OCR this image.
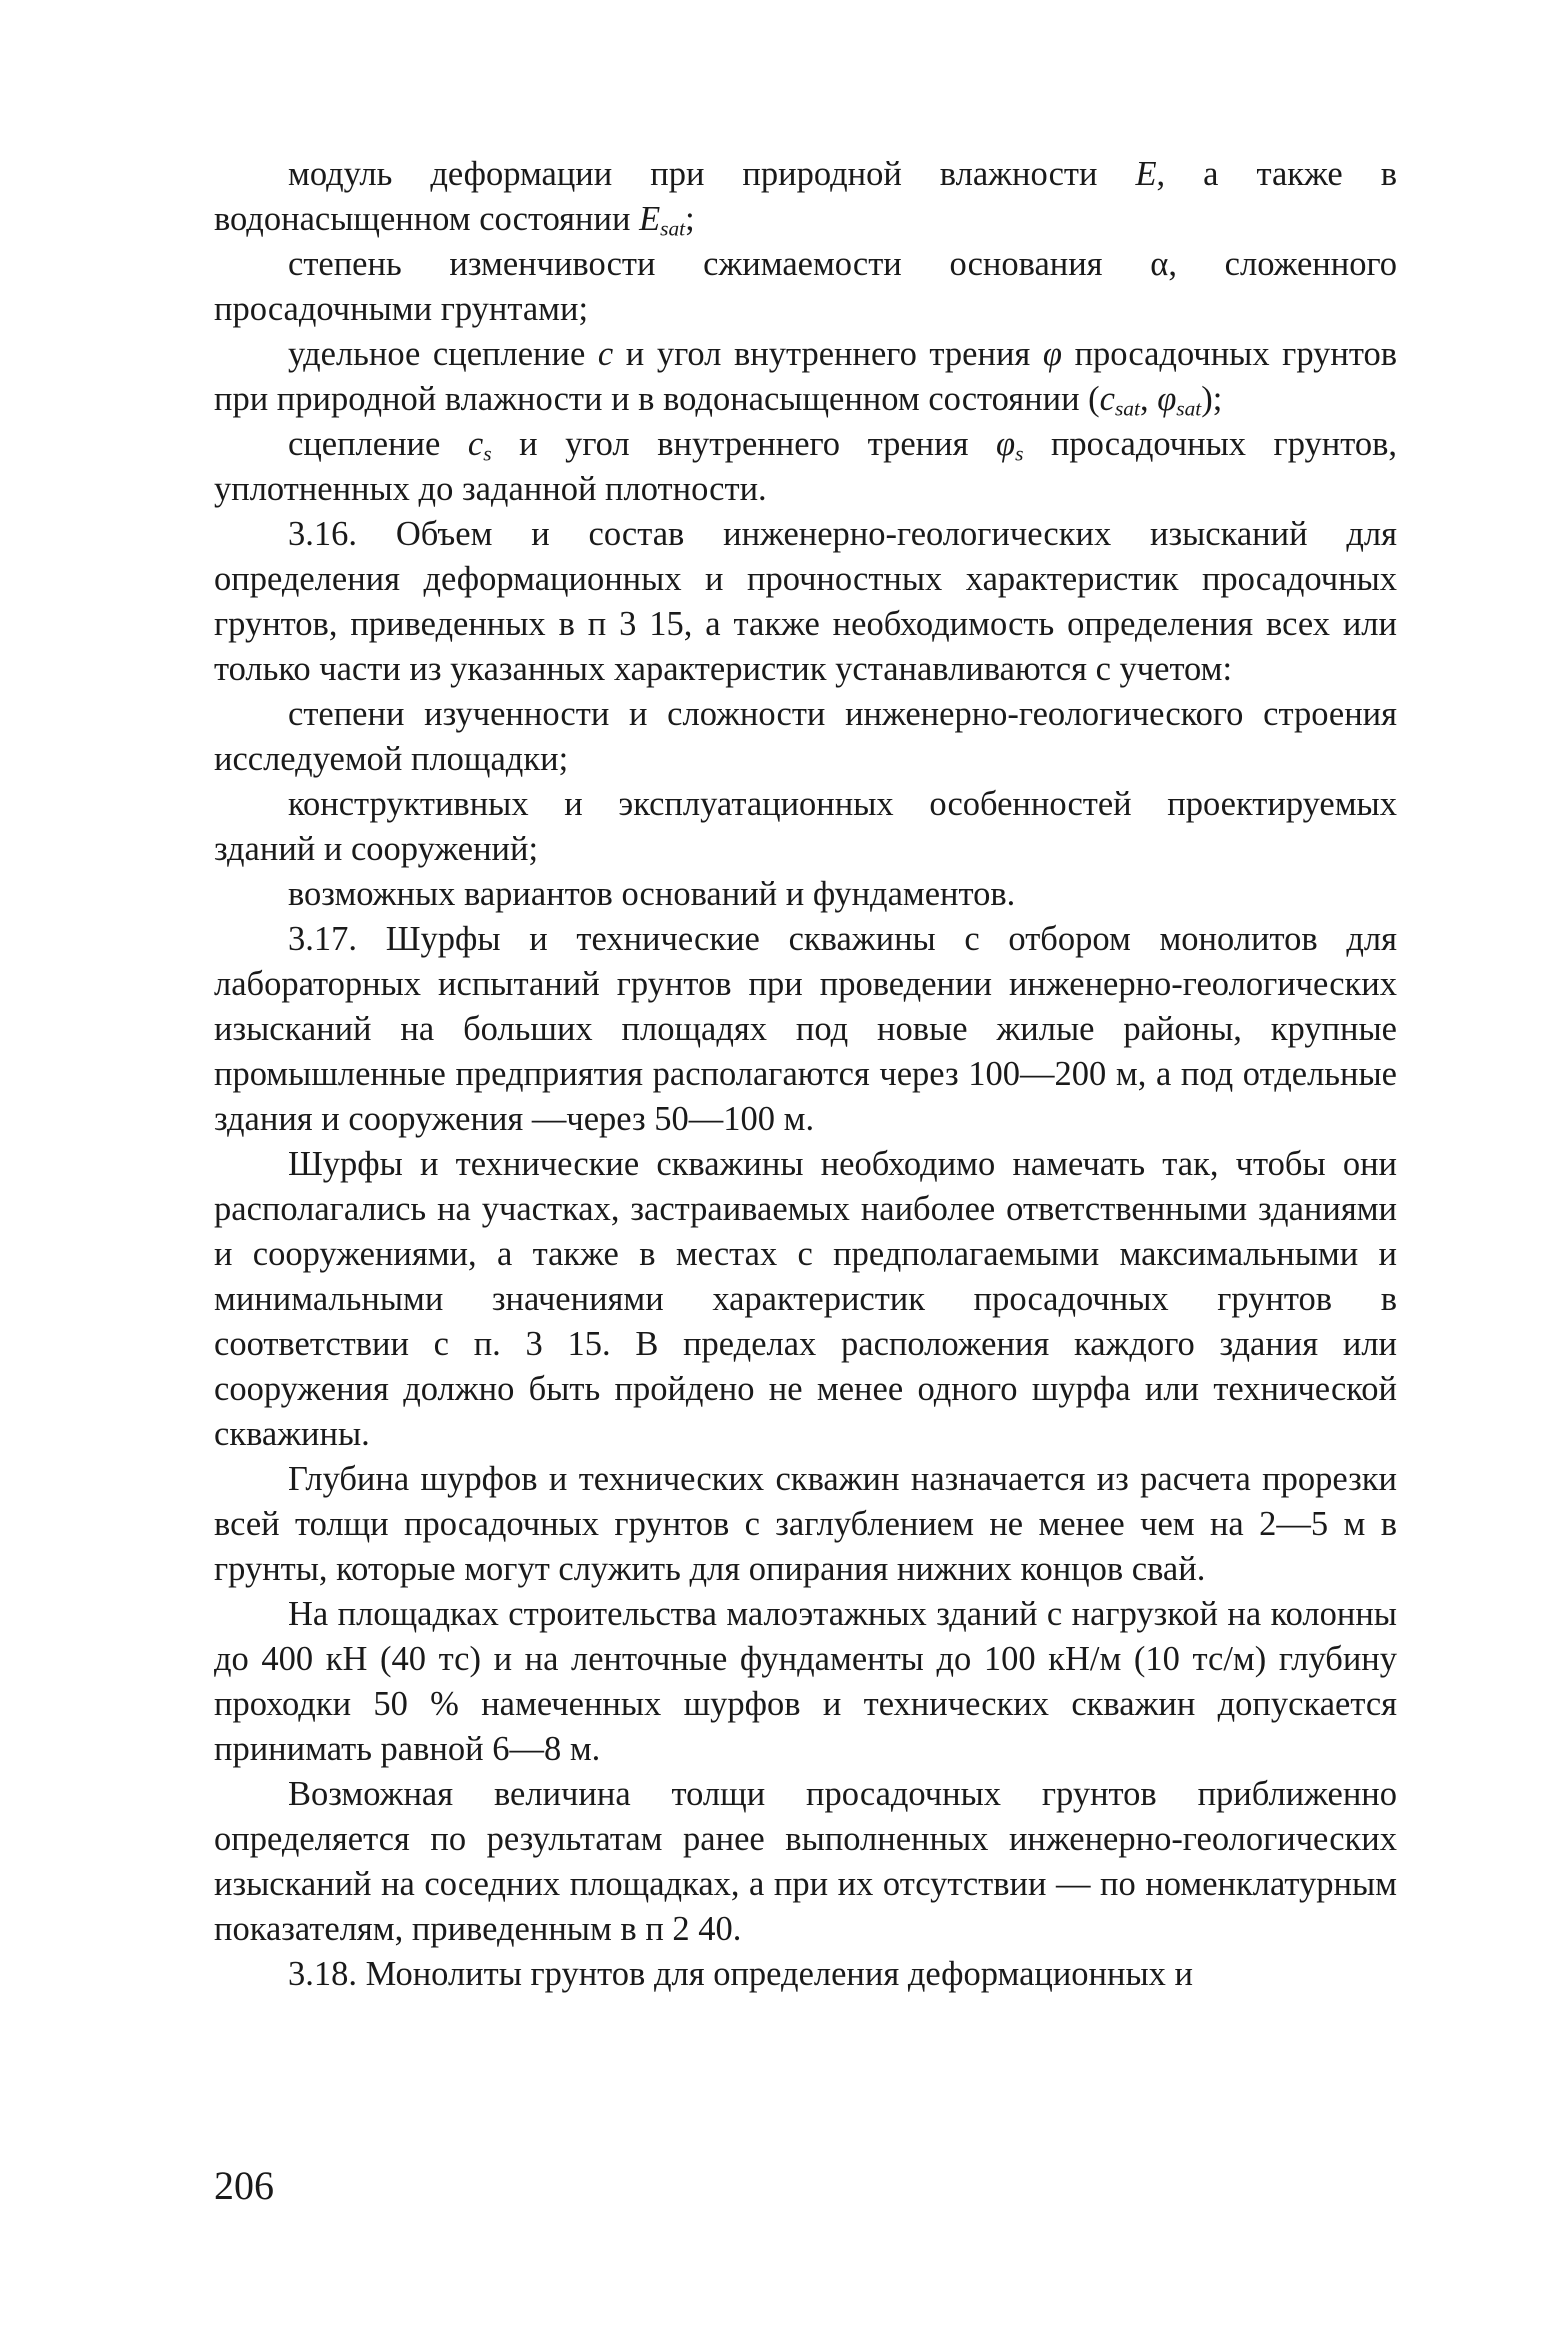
модуль деформации при природной влажности E, а также в водонасыщенном состоянии $E_{sat}$;

степень изменчивости сжимаемости основания α, сложенного просадочными грунтами;

удельное сцепление c и угол внутреннего трения φ просадочных грунтов при природной влажности и в водонасыщенном состоянии ($c_{sat}$, $\varphi_{sat}$);

сцепление $c_s$ и угол внутреннего трения $\varphi_s$ просадочных грунтов, уплотненных до заданной плотности.

3.16. Объем и состав инженерно-геологических изысканий для определения деформационных и прочностных характеристик просадочных грунтов, приведенных в п 3 15, а также необходимость определения всех или только части из указанных характеристик устанавливаются с учетом:

степени изученности и сложности инженерно-геологического строения исследуемой площадки;

конструктивных и эксплуатационных особенностей проектируемых зданий и сооружений;

возможных вариантов оснований и фундаментов.

3.17. Шурфы и технические скважины с отбором монолитов для лабораторных испытаний грунтов при проведении инженерно-геологических изысканий на больших площадях под новые жилые районы, крупные промышленные предприятия располагаются через 100—200 м, а под отдельные здания и сооружения —через 50—100 м.

Шурфы и технические скважины необходимо намечать так, чтобы они располагались на участках, застраиваемых наиболее ответственными зданиями и сооружениями, а также в местах с предполагаемыми максимальными и минимальными значениями характеристик просадочных грунтов в соответствии с п. 3 15. В пределах расположения каждого здания или сооружения должно быть пройдено не менее одного шурфа или технической скважины.

Глубина шурфов и технических скважин назначается из расчета прорезки всей толщи просадочных грунтов с заглублением не менее чем на 2—5 м в грунты, которые могут служить для опирания нижних концов свай.

На площадках строительства малоэтажных зданий с нагрузкой на колонны до 400 кН (40 тс) и на ленточные фундаменты до 100 кН/м (10 тс/м) глубину проходки 50 % намеченных шурфов и технических скважин допускается принимать равной 6—8 м.

Возможная величина толщи просадочных грунтов приближенно определяется по результатам ранее выполненных инженерно-геологических изысканий на соседних площадках, а при их отсутствии — по номенклатурным показателям, приведенным в п 2 40.

3.18. Монолиты грунтов для определения деформационных и

206
